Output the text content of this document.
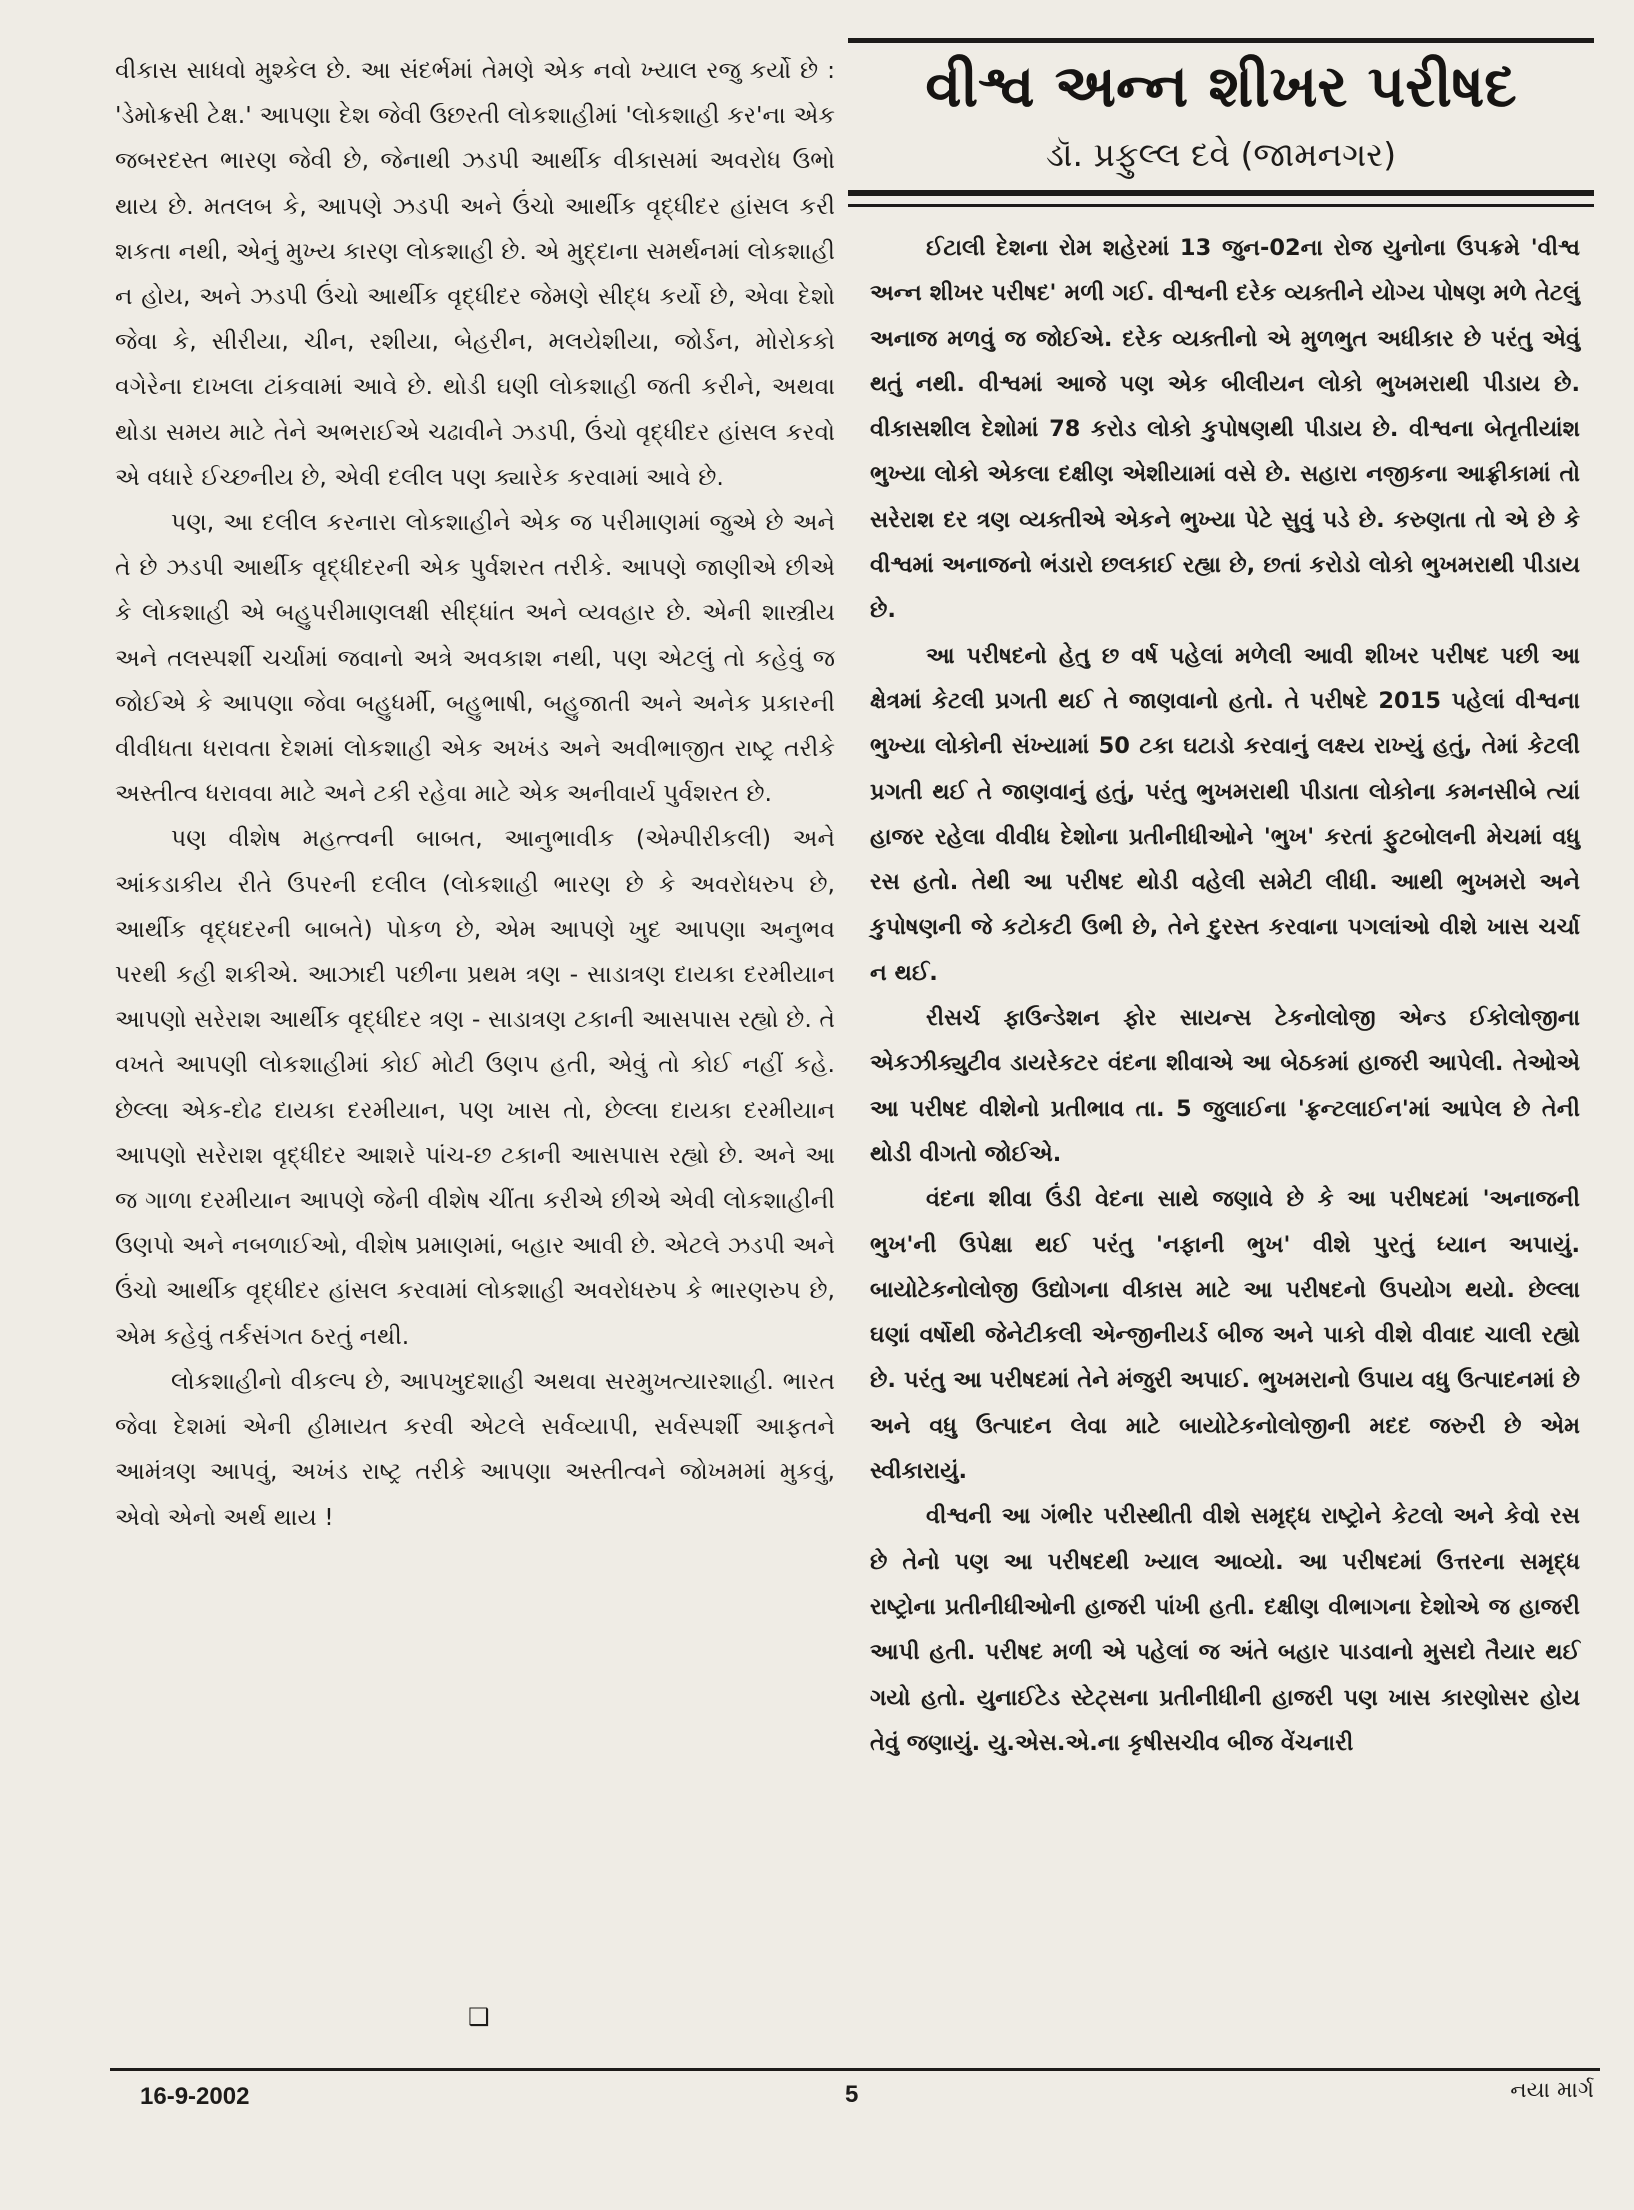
વીકાસ સાધવો મુશ્કેલ છે. આ સંદર્ભમાં તેમણે એક નવો ખ્યાલ રજુ કર્યો છે : 'ડેમોક્રસી ટેક્ષ.' આપણા દેશ જેવી ઉછરતી લોકશાહીમાં 'લોકશાહી કર'ના એક જબરદસ્ત ભારણ જેવી છે, જેનાથી ઝડપી આર્થીક વીકાસમાં અવરોધ ઉભો થાય છે. મતલબ કે, આપણે ઝડપી અને ઉંચો આર્થીક વૃદ્ધીદર હાંસલ કરી શકતા નથી, એનું મુખ્ય કારણ લોકશાહી છે. એ મુદ્દાના સમર્થનમાં લોકશાહી ન હોય, અને ઝડપી ઉંચો આર્થીક વૃદ્ધીદર જેમણે સીદ્ધ કર્યો છે, એવા દેશો જેવા કે, સીરીયા, ચીન, રશીયા, બેહરીન, મલયેશીયા, જોર્ડન, મોરોકકો વગેરેના દાખલા ટાંકવામાં આવે છે. થોડી ઘણી લોકશાહી જતી કરીને, અથવા થોડા સમય માટે તેને અભરાઈએ ચઢાવીને ઝડપી, ઉંચો વૃદ્ધીદર હાંસલ કરવો એ વધારે ઈચ્છનીય છે, એવી દલીલ પણ ક્યારેક કરવામાં આવે છે.

પણ, આ દલીલ કરનારા લોકશાહીને એક જ પરીમાણમાં જુએ છે અને તે છે ઝડપી આર્થીક વૃદ્ધીદરની એક પુર્વશરત તરીકે. આપણે જાણીએ છીએ કે લોકશાહી એ બહુપરીમાણલક્ષી સીદ્ધાંત અને વ્યવહાર છે. એની શાસ્ત્રીય અને તલસ્પર્શી ચર્ચામાં જવાનો અત્રે અવકાશ નથી, પણ એટલું તો કહેવું જ જોઈએ કે આપણા જેવા બહુધર્મી, બહુભાષી, બહુજાતી અને અનેક પ્રકારની વીવીધતા ધરાવતા દેશમાં લોકશાહી એક અખંડ અને અવીભાજીત રાષ્ટ્ર તરીકે અસ્તીત્વ ધરાવવા માટે અને ટકી રહેવા માટે એક અનીવાર્ય પુર્વશરત છે.

પણ વીશેષ મહત્ત્વની બાબત, આનુભાવીક (એમ્પીરીકલી) અને આંકડાકીય રીતે ઉપરની દલીલ (લોકશાહી ભારણ છે કે અવરોધરુપ છે, આર્થીક વૃદ્ધદરની બાબતે) પોકળ છે, એમ આપણે ખુદ આપણા અનુભવ પરથી કહી શકીએ. આઝાદી પછીના પ્રથમ ત્રણ - સાડાત્રણ દાયકા દરમીયાન આપણો સરેરાશ આર્થીક વૃદ્ધીદર ત્રણ - સાડાત્રણ ટકાની આસપાસ રહ્યો છે. તે વખતે આપણી લોકશાહીમાં કોઈ મોટી ઉણપ હતી, એવું તો કોઈ નહીં કહે. છેલ્લા એક-દોઢ દાયકા દરમીયાન, પણ ખાસ તો, છેલ્લા દાયકા દરમીયાન આપણો સરેરાશ વૃદ્ધીદર આશરે પાંચ-છ ટકાની આસપાસ રહ્યો છે. અને આ જ ગાળા દરમીયાન આપણે જેની વીશેષ ચીંતા કરીએ છીએ એવી લોકશાહીની ઉણપો અને નબળાઈઓ, વીશેષ પ્રમાણમાં, બહાર આવી છે. એટલે ઝડપી અને ઉંચો આર્થીક વૃદ્ધીદર હાંસલ કરવામાં લોકશાહી અવરોધરુપ કે ભારણરુપ છે, એમ કહેવું તર્કસંગત ઠરતું નથી.

લોકશાહીનો વીકલ્પ છે, આપખુદશાહી અથવા સરમુખત્યારશાહી. ભારત જેવા દેશમાં એની હીમાયત કરવી એટલે સર્વવ્યાપી, સર્વસ્પર્શી આફતને આમંત્રણ આપવું, અખંડ રાષ્ટ્ર તરીકે આપણા અસ્તીત્વને જોખમમાં મુકવું, એવો એનો અર્થ થાય !

❑
વીશ્વ અન્ન શીખર પરીષદ
ડૉ. પ્રફુલ્લ દવે (જામનગર)

ઈટાલી દેશના રોમ શહેરમાં 13 જુન-02ના રોજ યુનોના ઉપક્રમે 'વીશ્વ અન્ન શીખર પરીષદ' મળી ગઈ. વીશ્વની દરેક વ્યક્તીને યોગ્ય પોષણ મળે તેટલું અનાજ મળવું જ જોઈએ. દરેક વ્યક્તીનો એ મુળભુત અધીકાર છે પરંતુ એવું થતું નથી. વીશ્વમાં આજે પણ એક બીલીયન લોકો ભુખમરાથી પીડાય છે. વીકાસશીલ દેશોમાં 78 કરોડ લોકો કુપોષણથી પીડાય છે. વીશ્વના બેતૃતીયાંશ ભુખ્યા લોકો એકલા દક્ષીણ એશીયામાં વસે છે. સહારા નજીકના આફ્રીકામાં તો સરેરાશ દર ત્રણ વ્યક્તીએ એકને ભુખ્યા પેટે સુવું પડે છે. કરુણતા તો એ છે કે વીશ્વમાં અનાજનો ભંડારો છલકાઈ રહ્યા છે, છતાં કરોડો લોકો ભુખમરાથી પીડાય છે.

આ પરીષદનો હેતુ છ વર્ષ પહેલાં મળેલી આવી શીખર પરીષદ પછી આ ક્ષેત્રમાં કેટલી પ્રગતી થઈ તે જાણવાનો હતો. તે પરીષદે 2015 પહેલાં વીશ્વના ભુખ્યા લોકોની સંખ્યામાં 50 ટકા ઘટાડો કરવાનું લક્ષ્ય રાખ્યું હતું, તેમાં કેટલી પ્રગતી થઈ તે જાણવાનું હતું, પરંતુ ભુખમરાથી પીડાતા લોકોના કમનસીબે ત્યાં હાજર રહેલા વીવીધ દેશોના પ્રતીનીધીઓને 'ભુખ' કરતાં ફુટબોલની મેચમાં વધુ રસ હતો. તેથી આ પરીષદ થોડી વહેલી સમેટી લીધી. આથી ભુખમરો અને કુપોષણની જે કટોકટી ઉભી છે, તેને દુરસ્ત કરવાના પગલાંઓ વીશે ખાસ ચર્ચા ન થઈ.

રીસર્ચ ફાઉન્ડેશન ફોર સાયન્સ ટેકનોલોજી એન્ડ ઈકોલોજીના એકઝીક્યુટીવ ડાયરેકટર વંદના શીવાએ આ બેઠકમાં હાજરી આપેલી. તેઓએ આ પરીષદ વીશેનો પ્રતીભાવ તા. 5 જુલાઈના 'ફ્રન્ટલાઈન'માં આપેલ છે તેની થોડી વીગતો જોઈએ.

વંદના શીવા ઉંડી વેદના સાથે જણાવે છે કે આ પરીષદમાં 'અનાજની ભુખ'ની ઉપેક્ષા થઈ પરંતુ 'નફાની ભુખ' વીશે પુરતું ધ્યાન અપાયું. બાયોટેકનોલોજી ઉદ્યોગના વીકાસ માટે આ પરીષદનો ઉપયોગ થયો. છેલ્લા ઘણાં વર્ષોથી જેનેટીકલી એન્જીનીયર્ડ બીજ અને પાકો વીશે વીવાદ ચાલી રહ્યો છે. પરંતુ આ પરીષદમાં તેને મંજુરી અપાઈ. ભુખમરાનો ઉપાય વધુ ઉત્પાદનમાં છે અને વધુ ઉત્પાદન લેવા માટે બાયોટેકનોલોજીની મદદ જરુરી છે એમ સ્વીકારાયું.

વીશ્વની આ ગંભીર પરીસ્થીતી વીશે સમૃદ્ધ રાષ્ટ્રોને કેટલો અને કેવો રસ છે તેનો પણ આ પરીષદથી ખ્યાલ આવ્યો. આ પરીષદમાં ઉત્તરના સમૃદ્ધ રાષ્ટ્રોના પ્રતીનીધીઓની હાજરી પાંખી હતી. દક્ષીણ વીભાગના દેશોએ જ હાજરી આપી હતી. પરીષદ મળી એ પહેલાં જ અંતે બહાર પાડવાનો મુસદો તૈયાર થઈ ગયો હતો. યુનાઈટેડ સ્ટેટ્સના પ્રતીનીધીની હાજરી પણ ખાસ કારણોસર હોય તેવું જણાયું. યુ.એસ.એ.ના કૃષીસચીવ બીજ વેંચનારી

16-9-2002	5	નયા માર્ગ
